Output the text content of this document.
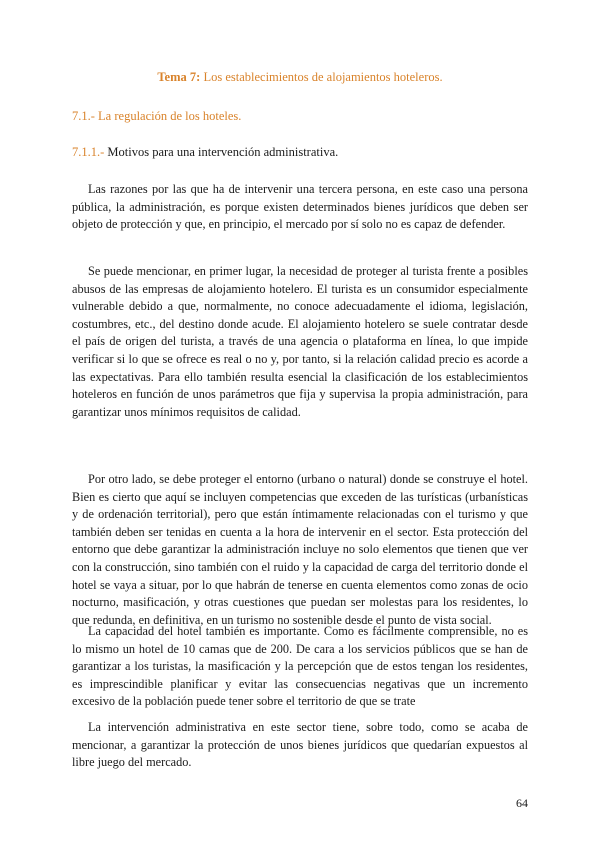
Tema 7: Los establecimientos de alojamientos hoteleros.
7.1.- La regulación de los hoteles.
7.1.1.- Motivos para una intervención administrativa.

Las razones por las que ha de intervenir una tercera persona, en este caso una persona pública, la administración, es porque existen determinados bienes jurídicos que deben ser objeto de protección y que, en principio, el mercado por sí solo no es capaz de defender.

Se puede mencionar, en primer lugar, la necesidad de proteger al turista frente a posibles abusos de las empresas de alojamiento hotelero. El turista es un consumidor especialmente vulnerable debido a que, normalmente, no conoce adecuadamente el idioma, legislación, costumbres, etc., del destino donde acude. El alojamiento hotelero se suele contratar desde el país de origen del turista, a través de una agencia o plataforma en línea, lo que impide verificar si lo que se ofrece es real o no y, por tanto, si la relación calidad precio es acorde a las expectativas. Para ello también resulta esencial la clasificación de los establecimientos hoteleros en función de unos parámetros que fija y supervisa la propia administración, para garantizar unos mínimos requisitos de calidad.

Por otro lado, se debe proteger el entorno (urbano o natural) donde se construye el hotel. Bien es cierto que aquí se incluyen competencias que exceden de las turísticas (urbanísticas y de ordenación territorial), pero que están íntimamente relacionadas con el turismo y que también deben ser tenidas en cuenta a la hora de intervenir en el sector. Esta protección del entorno que debe garantizar la administración incluye no solo elementos que tienen que ver con la construcción, sino también con el ruido y la capacidad de carga del territorio donde el hotel se vaya a situar, por lo que habrán de tenerse en cuenta elementos como zonas de ocio nocturno, masificación, y otras cuestiones que puedan ser molestas para los residentes, lo que redunda, en definitiva, en un turismo no sostenible desde el punto de vista social.

La capacidad del hotel también es importante. Como es fácilmente comprensible, no es lo mismo un hotel de 10 camas que de 200. De cara a los servicios públicos que se han de garantizar a los turistas, la masificación y la percepción que de estos tengan los residentes, es imprescindible planificar y evitar las consecuencias negativas que un incremento excesivo de la población puede tener sobre el territorio de que se trate

La intervención administrativa en este sector tiene, sobre todo, como se acaba de mencionar, a garantizar la protección de unos bienes jurídicos que quedarían expuestos al libre juego del mercado.

64
